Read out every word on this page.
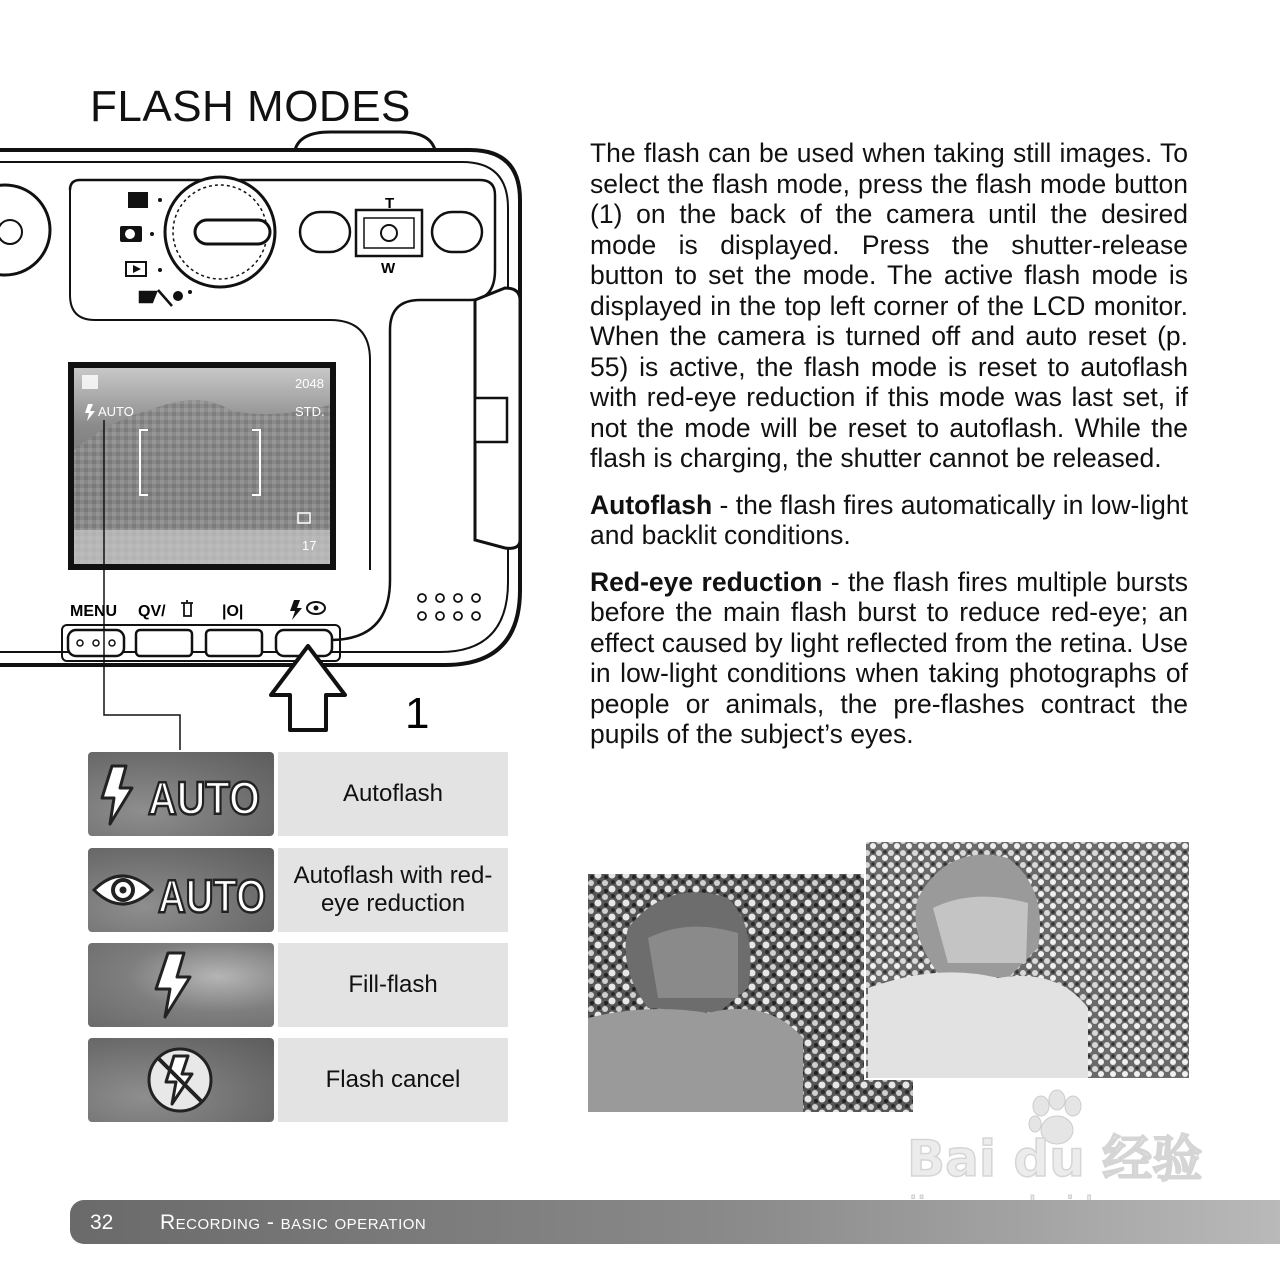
FLASH MODES
T
W
2048
STD.
AUTO
17
MENU QV/	|O|
1
AUTO	Autoflash
AUTO	Autoflash with red-eye reduction
Fill-flash
Flash cancel

The flash can be used when taking still images. To select the flash mode, press the flash mode button (1) on the back of the camera until the desired mode is displayed. Press the shutter-release button to set the mode. The active flash mode is displayed in the top left corner of the LCD monitor. When the camera is turned off and auto reset (p. 55) is active, the flash mode is reset to autoflash with red-eye reduction if this mode was last set, if not the mode will be reset to autoflash. While the flash is charging, the shutter cannot be released.

Autoflash - the flash fires automatically in low-light and backlit conditions.

Red-eye reduction - the flash fires multiple bursts before the main flash burst to reduce red-eye; an effect caused by light reflected from the retina. Use in low-light conditions when taking photographs of people or animals, the pre-flashes contract the pupils of the subject’s eyes.

Bai du 经验
32 Recording - basic operation
